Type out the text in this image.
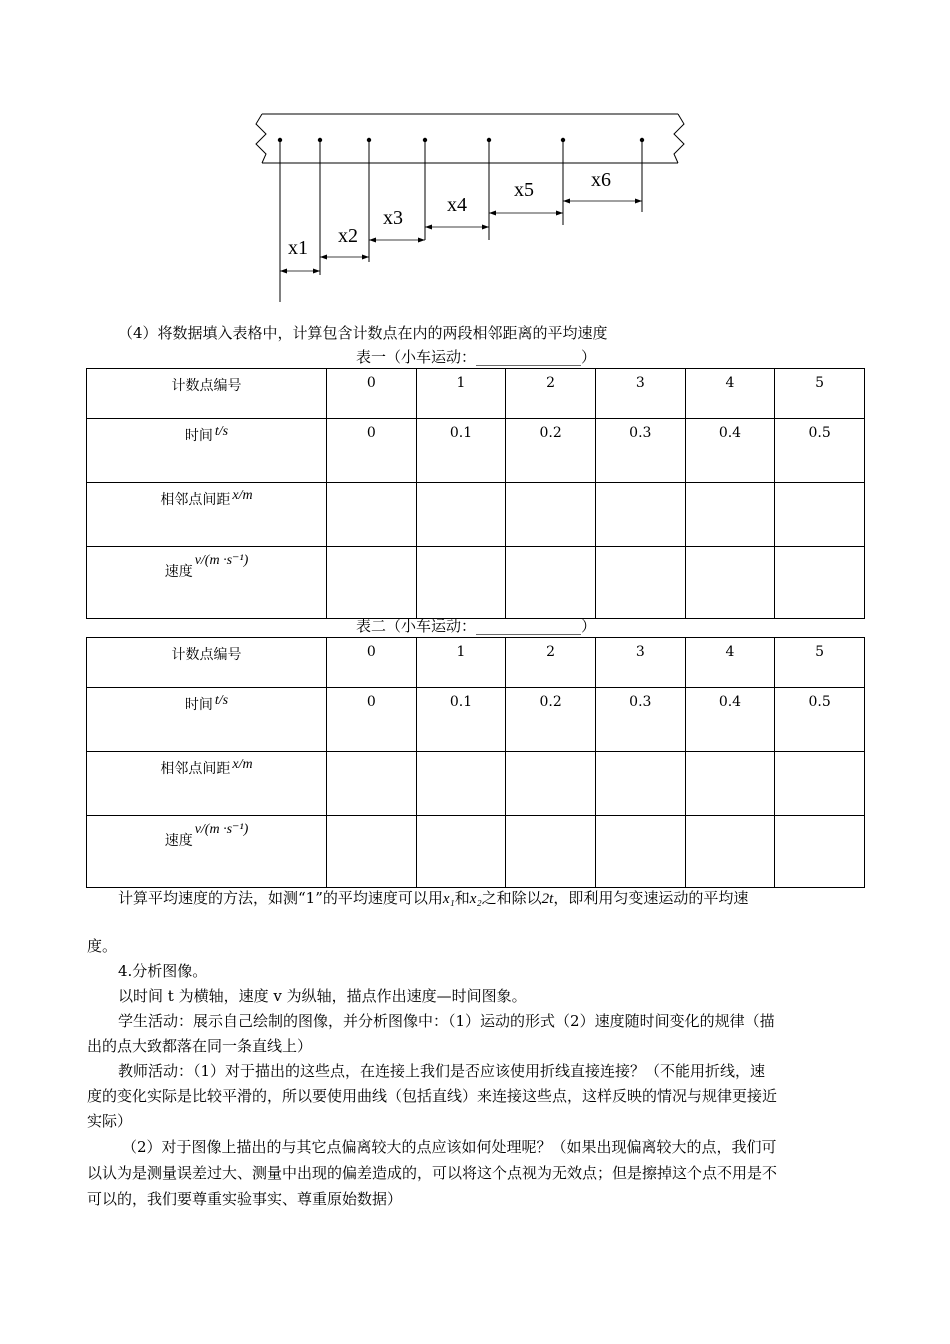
x1
x2
x3
x4
x5	x6
（4）将数据填入表格中，计算包含计数点在内的两段相邻距离的平均速度
表一（小车运动：______________）
计数点编号	0	1	2	3	4	5
时间 t/s	0	0.1	0.2	0.3	0.4	0.5
相邻点间距 x/m						
速度v/(m ·s⁻¹)						
表二（小车运动：______________）
计数点编号	0	1	2	3	4	5
时间 t/s	0	0.1	0.2	0.3	0.4	0.5
相邻点间距 x/m						
速度v/(m ·s⁻¹)						
计算平均速度的方法，如测“1”的平均速度可以用x₁和x₂之和除以2t，即利用匀变速运动的平均速
度。
4.分析图像。
以时间 t 为横轴，速度 v 为纵轴，描点作出速度—时间图象。
学生活动：展示自己绘制的图像，并分析图像中：（1）运动的形式（2）速度随时间变化的规律（描
出的点大致都落在同一条直线上）
教师活动：（1）对于描出的这些点，在连接上我们是否应该使用折线直接连接？（不能用折线，速
度的变化实际是比较平滑的，所以要使用曲线（包括直线）来连接这些点，这样反映的情况与规律更接近
实际）
（2）对于图像上描出的与其它点偏离较大的点应该如何处理呢？（如果出现偏离较大的点，我们可
以认为是测量误差过大、测量中出现的偏差造成的，可以将这个点视为无效点；但是擦掉这个点不用是不
可以的，我们要尊重实验事实、尊重原始数据）
